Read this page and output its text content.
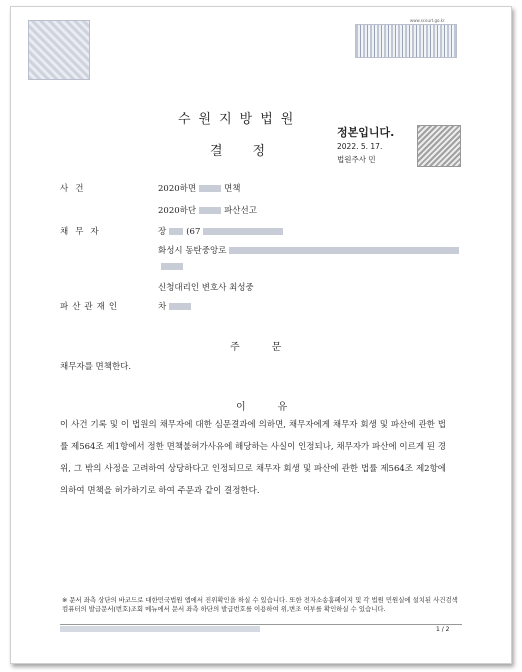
www.scourt.go.kr
수원지방법원
결정
정본입니다.
2022. 5. 17.
법원주사 민
사건	2020하면	면책
2020하단	파산선고
채무자	장 (67
화성시 동탄중앙로
신청대리인 변호사 최성중
파산관재인	차
주문
채무자를 면책한다.
이유
이 사건 기록 및 이 법원의 채무자에 대한 심문결과에 의하면, 채무자에게 채무자 회생 및 파산에 관한 법률 제564조 제1항에서 정한 면책불허가사유에 해당하는 사실이 인정되나, 채무자가 파산에 이르게 된 경위, 그 밖의 사정을 고려하여 상당하다고 인정되므로 채무자 회생 및 파산에 관한 법률 제564조 제2항에 의하여 면책을 허가하기로 하여 주문과 같이 결정한다.
※ 문서 좌측 상단의 바코드로 대한민국법원 앱에서 진위확인을 하실 수 있습니다. 또한 전자소송홈페이지 및 각 법원 민원실에 설치된 사건검색 컴퓨터의 발급문서(번호)조회 메뉴에서 문서 좌측 하단의 발급번호를 이용하여 위,변조 여부를 확인하실 수 있습니다.
1 / 2
